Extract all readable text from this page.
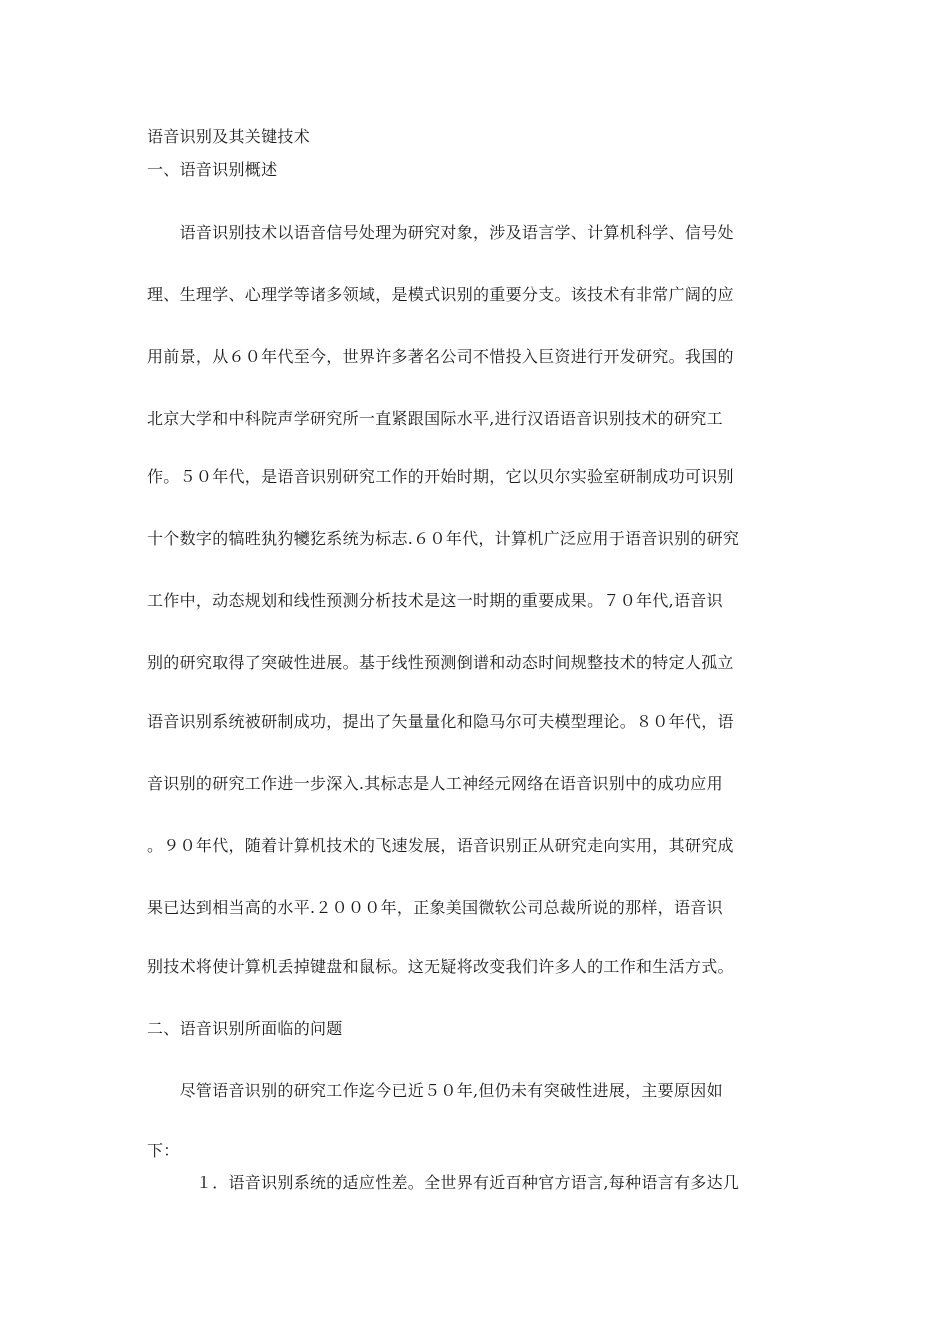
语音识别及其关键技术
一、语音识别概述
　　语音识别技术以语音信号处理为研究对象，涉及语言学、计算机科学、信号处
理、生理学、心理学等诸多领域，是模式识别的重要分支。该技术有非常广阔的应
用前景，从６０年代至今，世界许多著名公司不惜投入巨资进行开发研究。我国的
北京大学和中科院声学研究所一直紧跟国际水平,进行汉语语音识别技术的研究工
作。５０年代，是语音识别研究工作的开始时期，它以贝尔实验室研制成功可识别
十个数字的犒甠犱犳犪犵系统为标志.６０年代，计算机广泛应用于语音识别的研究
工作中，动态规划和线性预测分析技术是这一时期的重要成果。７０年代,语音识
别的研究取得了突破性进展。基于线性预测倒谱和动态时间规整技术的特定人孤立
语音识别系统被研制成功，提出了矢量量化和隐马尔可夫模型理论。８０年代，语
音识别的研究工作进一步深入.其标志是人工神经元网络在语音识别中的成功应用
。９０年代，随着计算机技术的飞速发展，语音识别正从研究走向实用，其研究成
果已达到相当高的水平.２０００年，正象美国微软公司总裁所说的那样，语音识
别技术将使计算机丢掉键盘和鼠标。这无疑将改变我们许多人的工作和生活方式。
二、语音识别所面临的问题
　　尽管语音识别的研究工作迄今已近５０年,但仍未有突破性进展，主要原因如
下：
　　　１．语音识别系统的适应性差。全世界有近百种官方语言,每种语言有多达几
